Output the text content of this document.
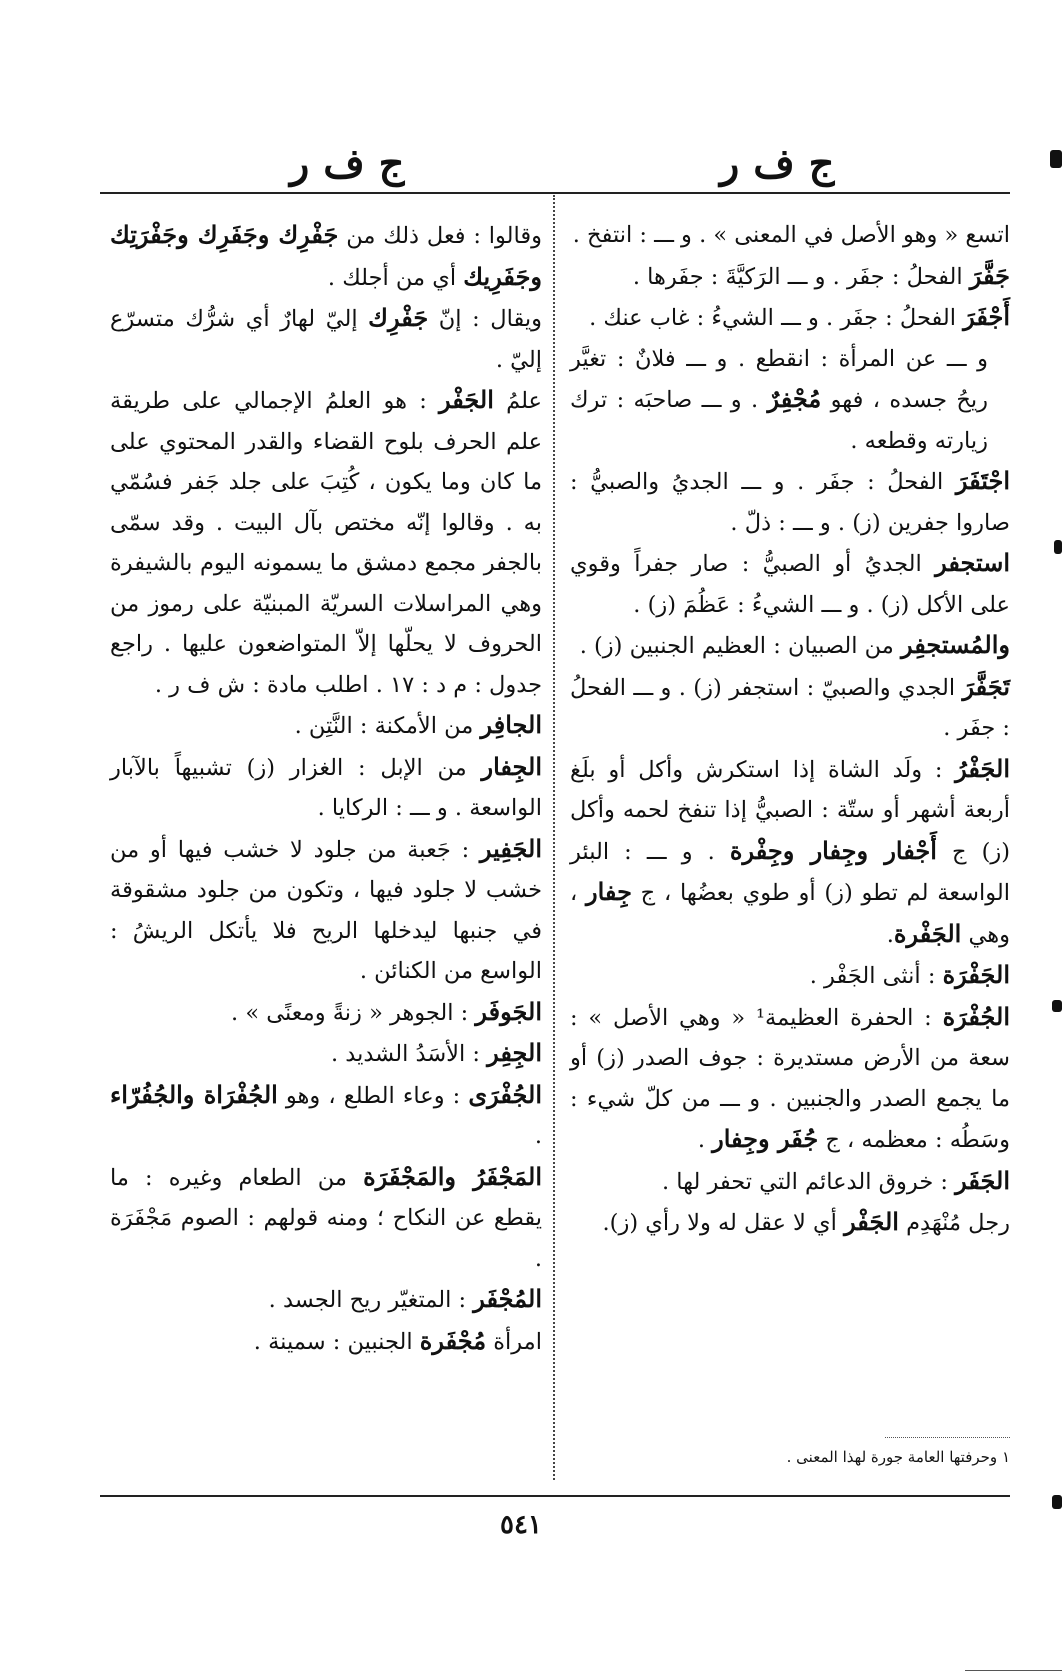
ج ف ر
ج ف ر

اتسع « وهو الأصل في المعنى » . و ـــ : انتفخ .

جَفَّرَ الفحلُ : جفَر . و ـــ الرَكيَّةَ : جفَرها .

أَجْفَرَ الفحلُ : جفَر . و ـــ الشيءُ : غاب عنك .

و ـــ عن المرأة : انقطع . و ـــ فلانٌ : تغيَّر ريحُ جسده ، فهو مُجْفِرٌ . و ـــ صاحبَه : ترك زيارته وقطعه .

اجْتَفَرَ الفحلُ : جفَر . و ـــ الجديُ والصبيُّ : صاروا جفرين (ز) . و ـــ : ذلّ .

استجفر الجديُ أو الصبيُّ : صار جفراً وقوي على الأكل (ز) . و ـــ الشيءُ : عَظُمَ (ز) .

والمُستجفِر من الصبيان : العظيم الجنبين (ز) .

تَجَفَّرَ الجدي والصبيّ : استجفر (ز) . و ـــ الفحلُ : جفَر .

الجَفْرُ : ولَد الشاة إذا استكرش وأكل أو بلَغ أربعة أشهر أو ستّة : الصبيُّ إذا تنفخ لحمه وأكل (ز) ج أَجْفار وجِفار وجِفْرة . و ـــ : البئر الواسعة لم تطو (ز) أو طوي بعضُها ، ج جِفار ، وهي الجَفْرة.

الجَفْرَة : أنثى الجَفْر .

الجُفْرَة : الحفرة العظيمة¹ « وهي الأصل » : سعة من الأرض مستديرة : جوف الصدر (ز) أو ما يجمع الصدر والجنبين . و ـــ من كلّ شيء : وسَطُه : معظمه ، ج جُفَر وجِفار .

الجَفَر : خروق الدعائم التي تحفر لها .

رجل مُنْهَدِم الجَفْر أي لا عقل له ولا رأي (ز).

وقالوا : فعل ذلك من جَفْرِك وجَفَرِك وجَفْرَتِك وجَفَرِيك أي من أجلك .

ويقال : إنّ جَفْرِك إليّ لهارٌ أي شرُّك متسرّع إليّ .

علمُ الجَفْر : هو العلمُ الإجمالي على طريقة علم الحرف بلوح القضاء والقدر المحتوي على ما كان وما يكون ، كُتِبَ على جلد جَفر فسُمّي به . وقالوا إنّه مختص بآل البيت . وقد سمّى بالجفر مجمع دمشق ما يسمونه اليوم بالشيفرة وهي المراسلات السريّة المبنيّة على رموز من الحروف لا يحلّها إلاّ المتواضعون عليها . راجع جدول : م د : ١٧ . اطلب مادة : ش ف ر .

الجافِر من الأمكنة : النَّتِن .

الجِفار من الإبل : الغزار (ز) تشبيهاً بالآبار الواسعة . و ـــ : الركايا .

الجَفِير : جَعبة من جلود لا خشب فيها أو من خشب لا جلود فيها ، وتكون من جلود مشقوقة في جنبها ليدخلها الريح فلا يأتكل الريشُ : الواسع من الكنائن .

الجَوفَر : الجوهر « زنةً ومعنًى » .

الجِفِر : الأسَدُ الشديد .

الجُفْرَى : وعاء الطلع ، وهو الجُفْرَاة والجُفُرّاء .

المَجْفَرُ والمَجْفَرَة من الطعام وغيره : ما يقطع عن النكاح ؛ ومنه قولهم : الصوم مَجْفَرَة .

المُجْفَر : المتغيّر ريح الجسد .

امرأة مُجْفَرة الجنبين : سمينة .

١ وحرفتها العامة جورة لهذا المعنى .
٥٤١
